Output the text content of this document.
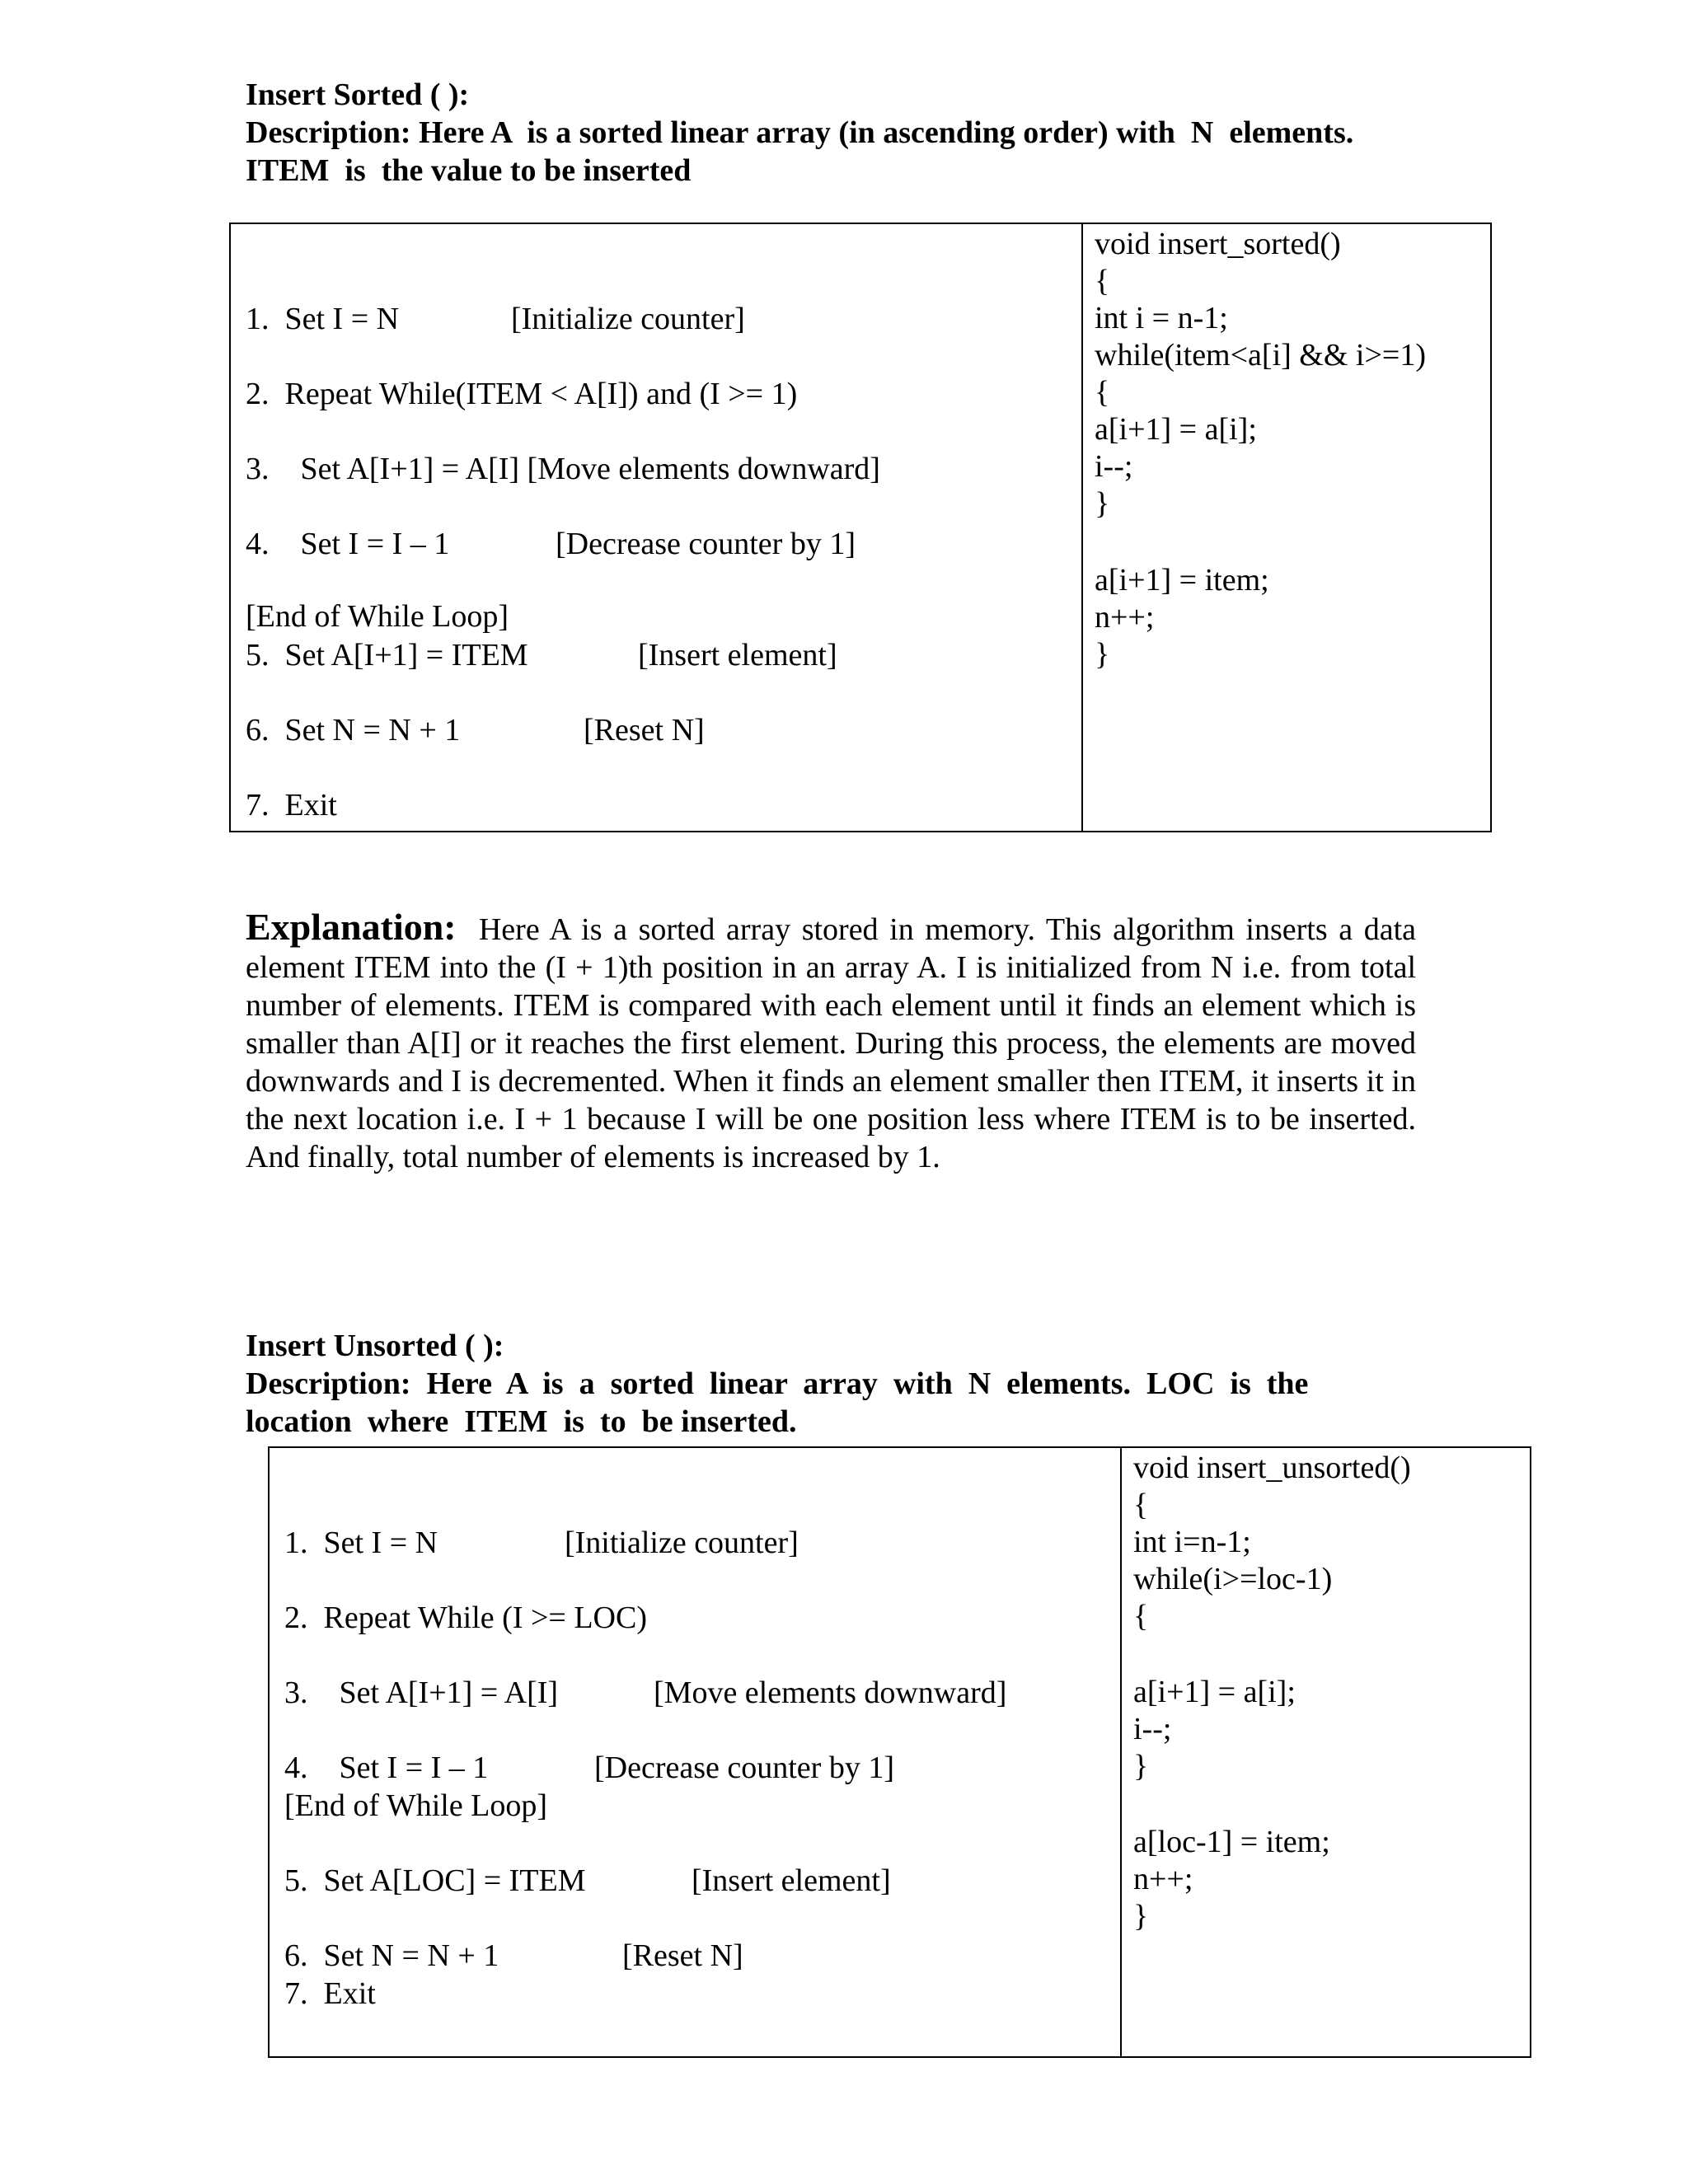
Insert Sorted ( ):
Description: Here A  is a sorted linear array (in ascending order) with  N  elements.
ITEM  is  the value to be inserted
1.  Set I = N	[Initialize counter]
2.  Repeat While(ITEM < A[I]) and (I >= 1)
3.    Set A[I+1] = A[I] [Move elements downward]
4.    Set I = I – 1	[Decrease counter by 1]
[End of While Loop]
5.  Set A[I+1] = ITEM	[Insert element]
6.  Set N = N + 1	[Reset N]
7.  Exit
void insert_sorted()
{
int i = n-1;
while(item<a[i] && i>=1)
{
a[i+1] = a[i];
i--;
}
a[i+1] = item;
n++;
}
Explanation: Here A is a sorted array stored in memory. This algorithm inserts a data element ITEM into the (I + 1)th position in an array A. I is initialized from N i.e. from total number of elements. ITEM is compared with each element until it finds an element which is smaller than A[I] or it reaches the first element. During this process, the elements are moved downwards and I is decremented. When it finds an element smaller then ITEM, it inserts it in the next location i.e. I + 1 because I will be one position less where ITEM is to be inserted. And finally, total number of elements is increased by 1.
Insert Unsorted ( ):
Description:  Here  A  is  a  sorted  linear  array  with  N  elements.  LOC  is  the
location  where  ITEM  is  to  be inserted.
1.  Set I = N	[Initialize counter]
2.  Repeat While (I >= LOC)
3.    Set A[I+1] = A[I]	[Move elements downward]
4.    Set I = I – 1	[Decrease counter by 1]
[End of While Loop]
5.  Set A[LOC] = ITEM	[Insert element]
6.  Set N = N + 1	[Reset N]
7.  Exit
void insert_unsorted()
{
int i=n-1;
while(i>=loc-1)
{
a[i+1] = a[i];
i--;
}
a[loc-1] = item;
n++;
}
